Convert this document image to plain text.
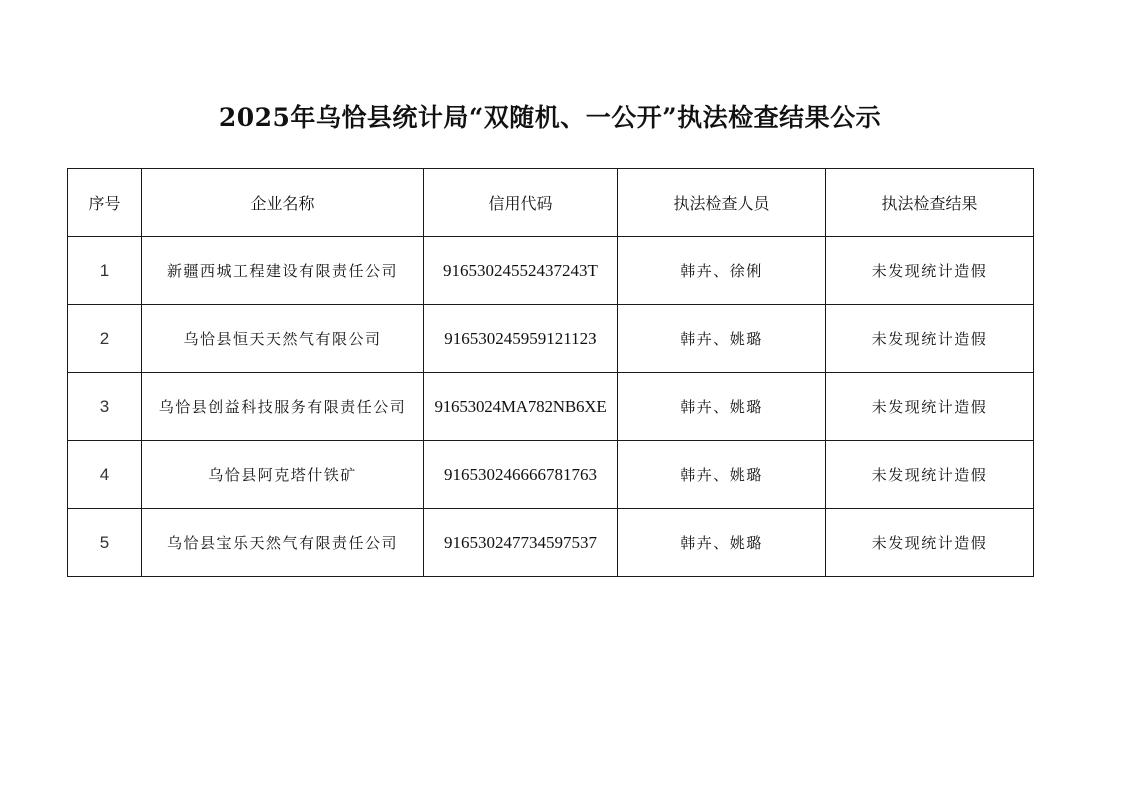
2025年乌恰县统计局“双随机、一公开”执法检查结果公示
序号	企业名称	信用代码	执法检查人员	执法检查结果
1	新疆西城工程建设有限责任公司	91653024552437243T	韩卉、徐俐	未发现统计造假
2	乌恰县恒天天然气有限公司	91653024595912112З	韩卉、姚璐	未发现统计造假
3	乌恰县创益科技服务有限责任公司	91653024MA782NB6XE	韩卉、姚璐	未发现统计造假
4	乌恰县阿克塔什铁矿	916530246666781763	韩卉、姚璐	未发现统计造假
5	乌恰县宝乐天然气有限责任公司	916530247734597537	韩卉、姚璐	未发现统计造假
